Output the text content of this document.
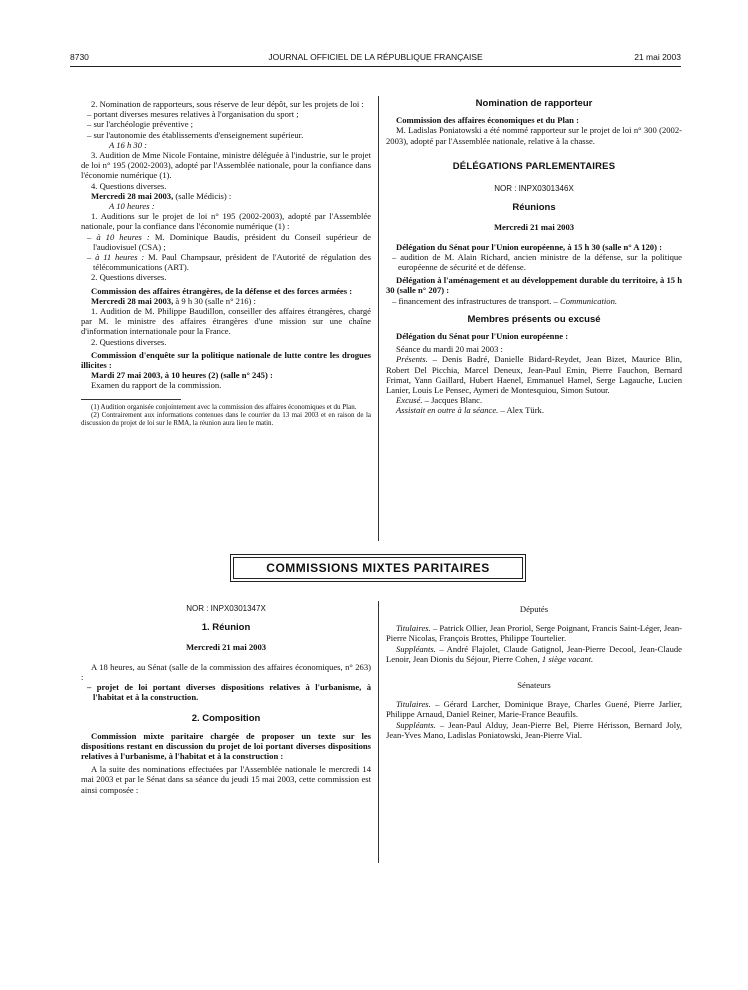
8730	JOURNAL OFFICIEL DE LA RÉPUBLIQUE FRANÇAISE	21 mai 2003

2. Nomination de rapporteurs, sous réserve de leur dépôt, sur les projets de loi :

– portant diverses mesures relatives à l'organisation du sport ;

– sur l'archéologie préventive ;

– sur l'autonomie des établissements d'enseignement supérieur.

A 16 h 30 :

3. Audition de Mme Nicole Fontaine, ministre déléguée à l'industrie, sur le projet de loi n° 195 (2002-2003), adopté par l'Assemblée nationale, pour la confiance dans l'économie numérique (1).

4. Questions diverses.

Mercredi 28 mai 2003, (salle Médicis) :

A 10 heures :

1. Auditions sur le projet de loi n° 195 (2002-2003), adopté par l'Assemblée nationale, pour la confiance dans l'économie numérique (1) :

– à 10 heures : M. Dominique Baudis, président du Conseil supérieur de l'audiovisuel (CSA) ;

– à 11 heures : M. Paul Champsaur, président de l'Autorité de régulation des télécommunications (ART).

2. Questions diverses.

Commission des affaires étrangères, de la défense et des forces armées :

Mercredi 28 mai 2003, à 9 h 30 (salle n° 216) :

1. Audition de M. Philippe Baudillon, conseiller des affaires étrangères, chargé par M. le ministre des affaires étrangères d'une mission sur une chaîne d'information internationale pour la France.

2. Questions diverses.

Commission d'enquête sur la politique nationale de lutte contre les drogues illicites :

Mardi 27 mai 2003, à 10 heures (2) (salle n° 245) :

Examen du rapport de la commission.

(1) Audition organisée conjointement avec la commission des affaires économiques et du Plan.

(2) Contrairement aux informations contenues dans le courrier du 13 mai 2003 et en raison de la discussion du projet de loi sur le RMA, la réunion aura lieu le matin.

Nomination de rapporteur

Commission des affaires économiques et du Plan :

M. Ladislas Poniatowski a été nommé rapporteur sur le projet de loi n° 300 (2002-2003), adopté par l'Assemblée nationale, relative à la chasse.

DÉLÉGATIONS PARLEMENTAIRES

NOR : INPX0301346X

Réunions

Mercredi 21 mai 2003

Délégation du Sénat pour l'Union européenne, à 15 h 30 (salle n° A 120) :

– audition de M. Alain Richard, ancien ministre de la défense, sur la politique européenne de sécurité et de défense.

Délégation à l'aménagement et au développement durable du territoire, à 15 h 30 (salle n° 207) :

– financement des infrastructures de transport. – Communication.

Membres présents ou excusé

Délégation du Sénat pour l'Union européenne :

Séance du mardi 20 mai 2003 :

Présents. – Denis Badré, Danielle Bidard-Reydet, Jean Bizet, Maurice Blin, Robert Del Picchia, Marcel Deneux, Jean-Paul Emin, Pierre Fauchon, Bernard Frimat, Yann Gaillard, Hubert Haenel, Emmanuel Hamel, Serge Lagauche, Lucien Lanier, Louis Le Pensec, Aymeri de Montesquiou, Simon Sutour.

Excusé. – Jacques Blanc.

Assistait en outre à la séance. – Alex Türk.

COMMISSIONS MIXTES PARITAIRES

NOR : INPX0301347X

1. Réunion

Mercredi 21 mai 2003

A 18 heures, au Sénat (salle de la commission des affaires économiques, n° 263) :

– projet de loi portant diverses dispositions relatives à l'urbanisme, à l'habitat et à la construction.

2. Composition

Commission mixte paritaire chargée de proposer un texte sur les dispositions restant en discussion du projet de loi portant diverses dispositions relatives à l'urbanisme, à l'habitat et à la construction :

A la suite des nominations effectuées par l'Assemblée nationale le mercredi 14 mai 2003 et par le Sénat dans sa séance du jeudi 15 mai 2003, cette commission est ainsi composée :

Députés

Titulaires. – Patrick Ollier, Jean Proriol, Serge Poignant, Francis Saint-Léger, Jean-Pierre Nicolas, François Brottes, Philippe Tourtelier.

Suppléants. – André Flajolet, Claude Gatignol, Jean-Pierre Decool, Jean-Claude Lenoir, Jean Dionis du Séjour, Pierre Cohen, 1 siège vacant.

Sénateurs

Titulaires. – Gérard Larcher, Dominique Braye, Charles Guené, Pierre Jarlier, Philippe Arnaud, Daniel Reiner, Marie-France Beaufils.

Suppléants. – Jean-Paul Alduy, Jean-Pierre Bel, Pierre Hérisson, Bernard Joly, Jean-Yves Mano, Ladislas Poniatowski, Jean-Pierre Vial.
